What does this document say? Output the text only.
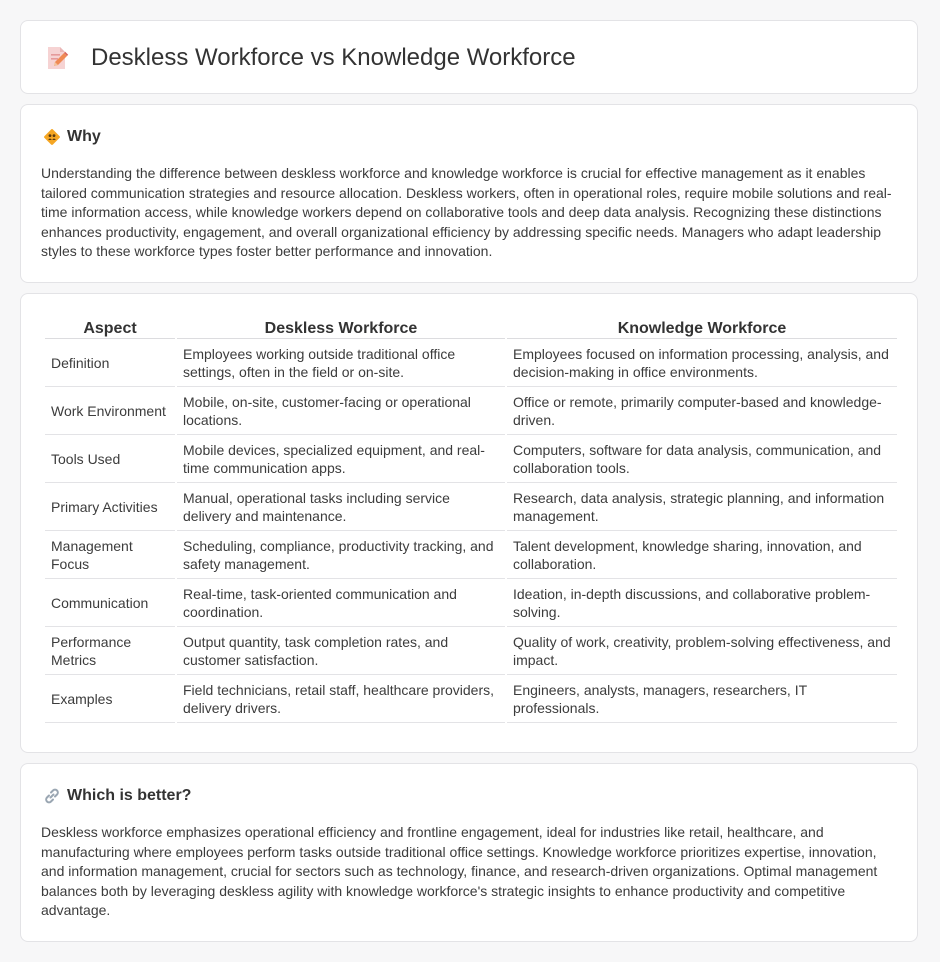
Deskless Workforce vs Knowledge Workforce
Why

Understanding the difference between deskless workforce and knowledge workforce is crucial for effective management as it enables tailored communication strategies and resource allocation. Deskless workers, often in operational roles, require mobile solutions and real-time information access, while knowledge workers depend on collaborative tools and deep data analysis. Recognizing these distinctions enhances productivity, engagement, and overall organizational efficiency by addressing specific needs. Managers who adapt leadership styles to these workforce types foster better performance and innovation.

Aspect	Deskless Workforce	Knowledge Workforce
Definition	Employees working outside traditional office settings, often in the field or on-site.	Employees focused on information processing, analysis, and decision-making in office environments.
Work Environment	Mobile, on-site, customer-facing or operational locations.	Office or remote, primarily computer-based and knowledge-driven.
Tools Used	Mobile devices, specialized equipment, and real-time communication apps.	Computers, software for data analysis, communication, and collaboration tools.
Primary Activities	Manual, operational tasks including service delivery and maintenance.	Research, data analysis, strategic planning, and information management.
Management Focus	Scheduling, compliance, productivity tracking, and safety management.	Talent development, knowledge sharing, innovation, and collaboration.
Communication	Real-time, task-oriented communication and coordination.	Ideation, in-depth discussions, and collaborative problem-solving.
Performance Metrics	Output quantity, task completion rates, and customer satisfaction.	Quality of work, creativity, problem-solving effectiveness, and impact.
Examples	Field technicians, retail staff, healthcare providers, delivery drivers.	Engineers, analysts, managers, researchers, IT professionals.
Which is better?

Deskless workforce emphasizes operational efficiency and frontline engagement, ideal for industries like retail, healthcare, and manufacturing where employees perform tasks outside traditional office settings. Knowledge workforce prioritizes expertise, innovation, and information management, crucial for sectors such as technology, finance, and research-driven organizations. Optimal management balances both by leveraging deskless agility with knowledge workforce's strategic insights to enhance productivity and competitive advantage.
